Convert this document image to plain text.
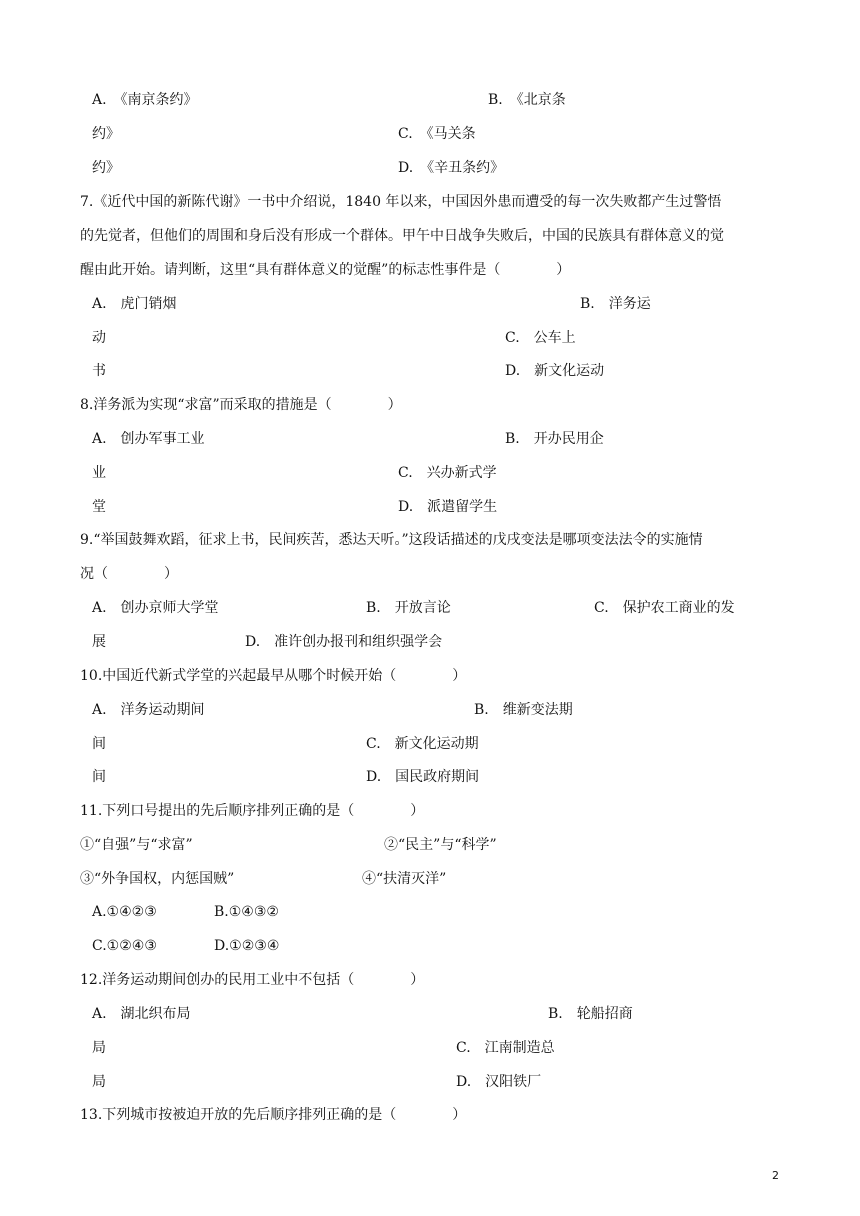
A.　《南京条约》	B.　《北京条
约》	C.　《马关条
约》	D.　《辛丑条约》
7.《近代中国的新陈代谢》一书中介绍说，1840 年以来，中国因外患而遭受的每一次失败都产生过警悟
的先觉者，但他们的周围和身后没有形成一个群体。甲午中日战争失败后，中国的民族具有群体意义的觉
醒由此开始。请判断，这里“具有群体意义的觉醒”的标志性事件是（　　　　）
A.　虎门销烟	B.　洋务运
动	C.　公车上
书	D.　新文化运动
8.洋务派为实现“求富”而采取的措施是（　　　　）
A.　创办军事工业	B.　开办民用企
业	C.　兴办新式学
堂	D.　派遣留学生
9.“举国鼓舞欢蹈，征求上书，民间疾苦，悉达天听。”这段话描述的戊戌变法是哪项变法法令的实施情
况（　　　　）
A.　创办京师大学堂	B.　开放言论	C.　保护农工商业的发
展	D.　准许创办报刊和组织强学会
10.中国近代新式学堂的兴起最早从哪个时候开始（　　　　）
A.　洋务运动期间	B.　维新变法期
间	C.　新文化运动期
间	D.　国民政府期间
11.下列口号提出的先后顺序排列正确的是（　　　　）
①“自强”与“求富”	②“民主”与“科学”
③“外争国权，内惩国贼”	④“扶清灭洋”
A.①④②③	B.①④③②
C.①②④③	D.①②③④
12.洋务运动期间创办的民用工业中不包括（　　　　）
A.　湖北织布局	B.　轮船招商
局	C.　江南制造总
局	D.　汉阳铁厂
13.下列城市按被迫开放的先后顺序排列正确的是（　　　　）
2
